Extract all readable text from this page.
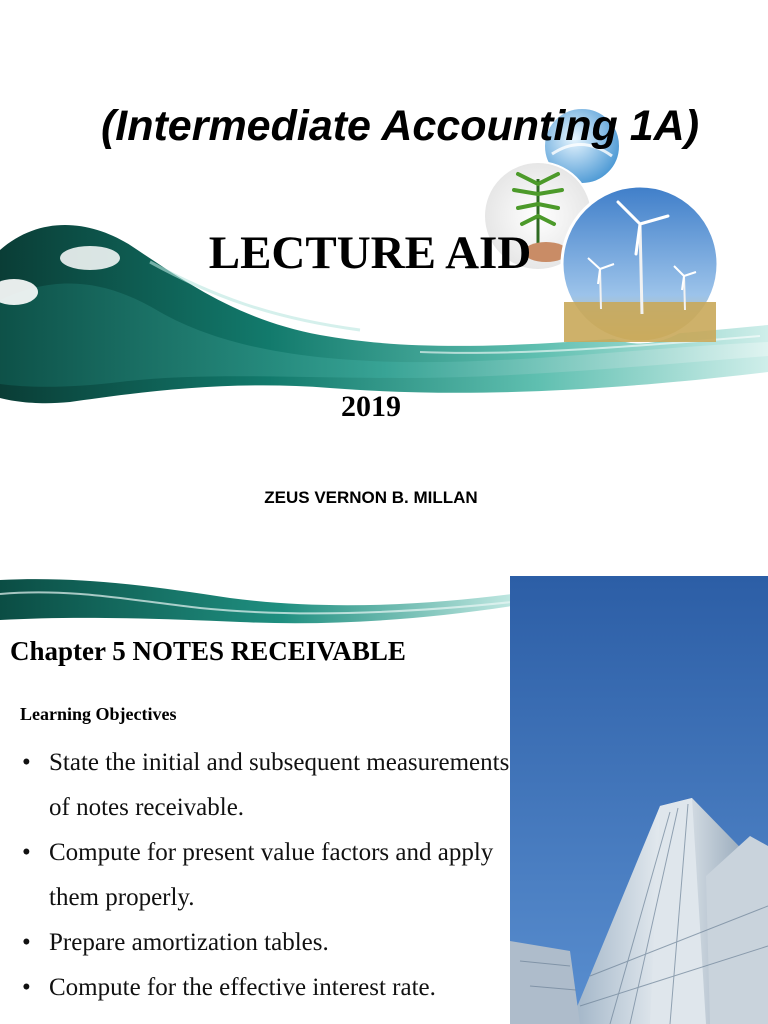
(Intermediate Accounting 1A)
LECTURE AID
2019
ZEUS VERNON B. MILLAN
Chapter 5 NOTES RECEIVABLE
Learning Objectives
• State the initial and subsequent measurements of notes receivable.
• Compute for present value factors and apply them properly.
• Prepare amortization tables.
• Compute for the effective interest rate.
